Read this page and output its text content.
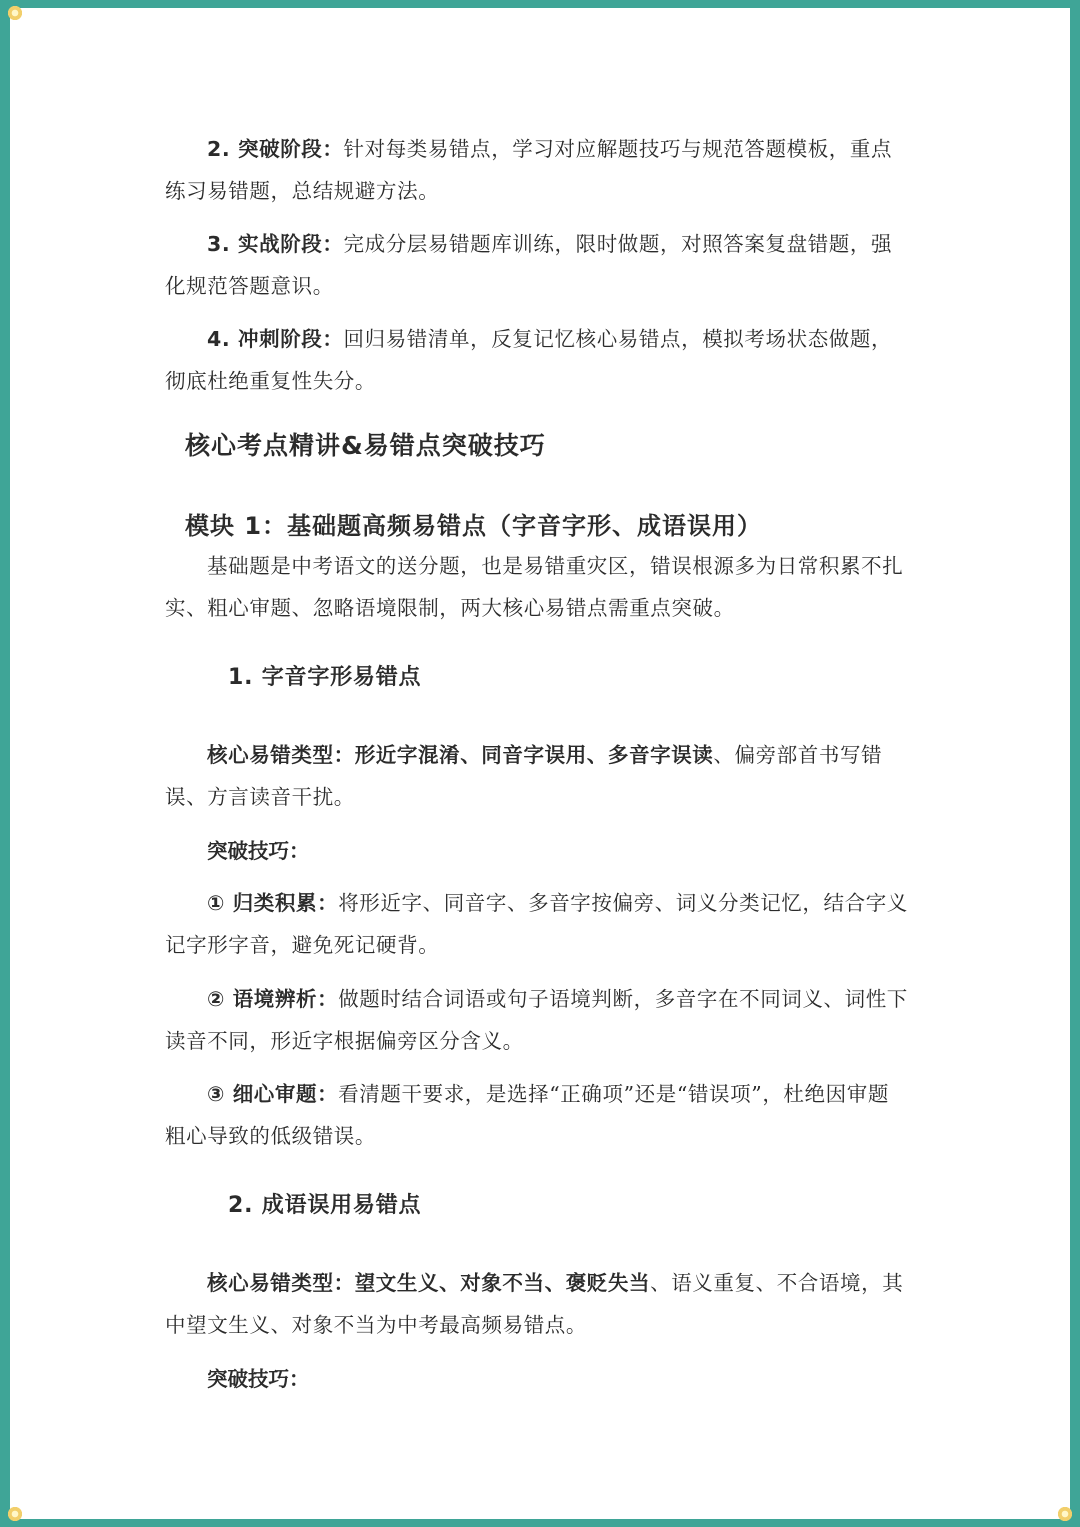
2. 突破阶段：针对每类易错点，学习对应解题技巧与规范答题模板，重点练习易错题，总结规避方法。

3. 实战阶段：完成分层易错题库训练，限时做题，对照答案复盘错题，强化规范答题意识。

4. 冲刺阶段：回归易错清单，反复记忆核心易错点，模拟考场状态做题，彻底杜绝重复性失分。

核心考点精讲&易错点突破技巧
模块 1：基础题高频易错点（字音字形、成语误用）

基础题是中考语文的送分题，也是易错重灾区，错误根源多为日常积累不扎实、粗心审题、忽略语境限制，两大核心易错点需重点突破。

1. 字音字形易错点

核心易错类型：形近字混淆、同音字误用、多音字误读、偏旁部首书写错误、方言读音干扰。

突破技巧：

① 归类积累：将形近字、同音字、多音字按偏旁、词义分类记忆，结合字义记字形字音，避免死记硬背。

② 语境辨析：做题时结合词语或句子语境判断，多音字在不同词义、词性下读音不同，形近字根据偏旁区分含义。

③ 细心审题：看清题干要求，是选择“正确项”还是“错误项”，杜绝因审题粗心导致的低级错误。

2. 成语误用易错点

核心易错类型：望文生义、对象不当、褒贬失当、语义重复、不合语境，其中望文生义、对象不当为中考最高频易错点。

突破技巧：
